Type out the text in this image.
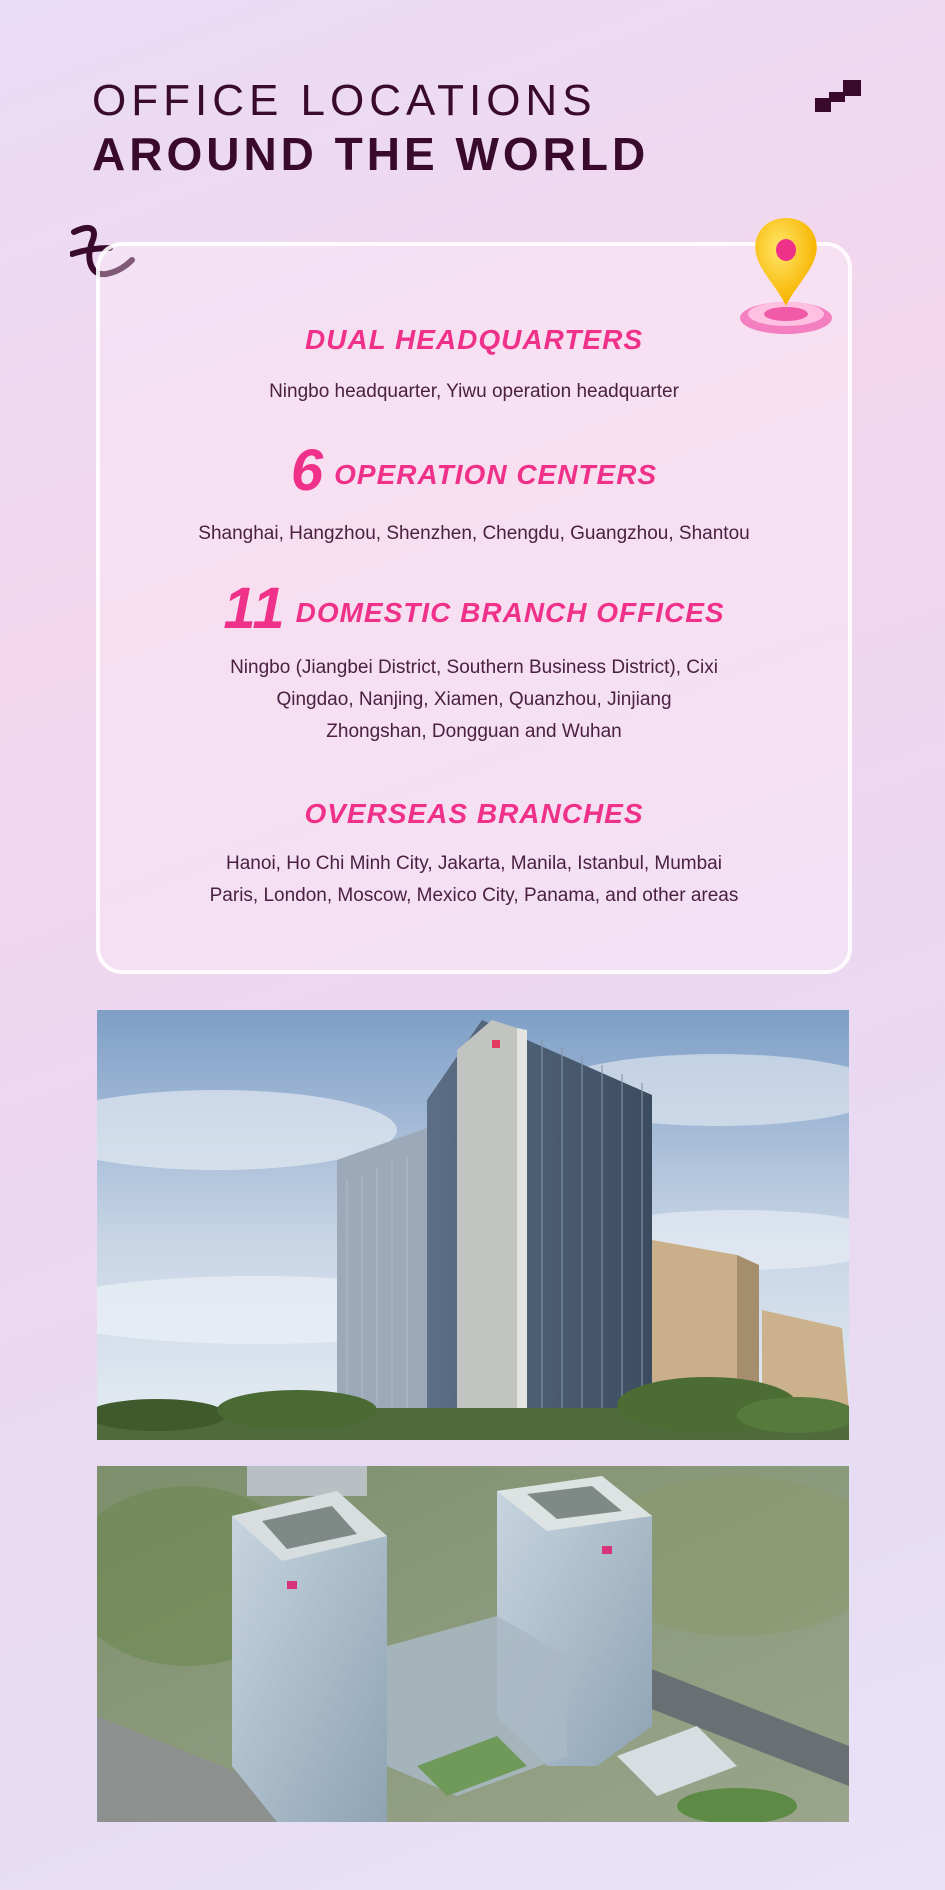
OFFICE LOCATIONS
AROUND THE WORLD
DUAL HEADQUARTERS
Ningbo headquarter, Yiwu operation headquarter
6 OPERATION CENTERS
Shanghai, Hangzhou, Shenzhen, Chengdu, Guangzhou, Shantou
11 DOMESTIC BRANCH OFFICES
Ningbo (Jiangbei District, Southern Business District), Cixi
Qingdao, Nanjing, Xiamen, Quanzhou, Jinjiang
Zhongshan, Dongguan and Wuhan
OVERSEAS BRANCHES
Hanoi, Ho Chi Minh City, Jakarta, Manila, Istanbul, Mumbai
Paris, London, Moscow, Mexico City, Panama, and other areas
